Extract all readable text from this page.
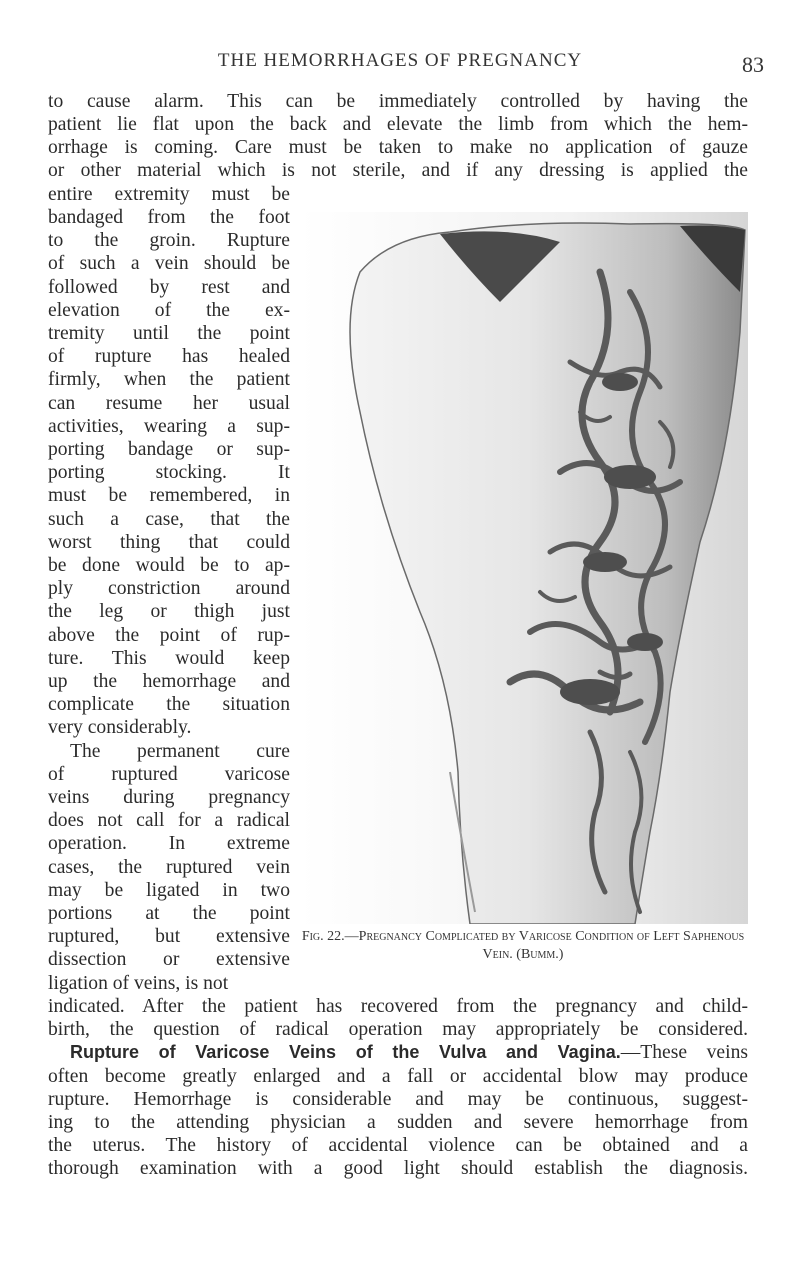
THE HEMORRHAGES OF PREGNANCY	83
to cause alarm. This can be immediately controlled by having the
patient lie flat upon the back and elevate the limb from which the hem-
orrhage is coming. Care must be taken to make no application of gauze
or other material which is not sterile, and if any dressing is applied the
entire extremity must be
bandaged from the foot
to the groin. Rupture
of such a vein should be
followed by rest and
elevation of the ex-
tremity until the point
of rupture has healed
firmly, when the patient
can resume her usual
activities, wearing a sup-
porting bandage or sup-
porting stocking. It
must be remembered, in
such a case, that the
worst thing that could
be done would be to ap-
ply constriction around
the leg or thigh just
above the point of rup-
ture. This would keep
up the hemorrhage and
complicate the situation
very considerably.
The permanent cure
of ruptured varicose
veins during pregnancy
does not call for a radical
operation. In extreme
cases, the ruptured vein
may be ligated in two
portions at the point
ruptured, but extensive
dissection or extensive
ligation of veins, is not
Fig. 22.—Pregnancy Complicated by Varicose Condition of Left Saphenous Vein. (Bumm.)
indicated. After the patient has recovered from the pregnancy and child-
birth, the question of radical operation may appropriately be considered.
Rupture of Varicose Veins of the Vulva and Vagina.—These veins
often become greatly enlarged and a fall or accidental blow may produce
rupture. Hemorrhage is considerable and may be continuous, suggest-
ing to the attending physician a sudden and severe hemorrhage from
the uterus. The history of accidental violence can be obtained and a
thorough examination with a good light should establish the diagnosis.
